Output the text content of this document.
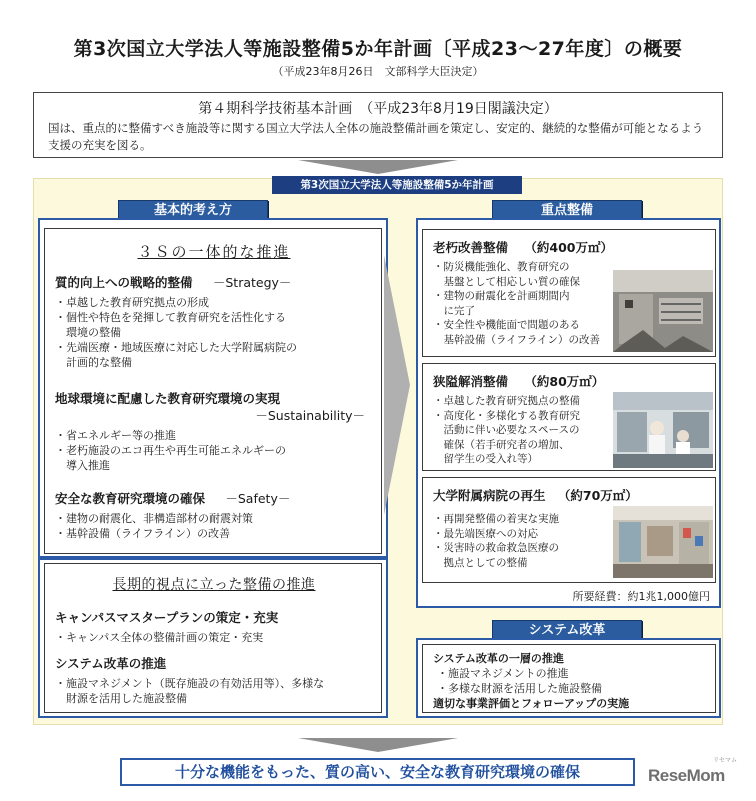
第3次国立大学法人等施設整備5か年計画〔平成23〜27年度〕の概要
（平成23年8月26日　文部科学大臣決定）
第４期科学技術基本計画　（平成23年8月19日閣議決定）
国は、重点的に整備すべき施設等に関する国立大学法人全体の施設整備計画を策定し、安定的、継続的な整備が可能となるよう支援の充実を図る。
第3次国立大学法人等施設整備5か年計画
基本的考え方
３Ｓの一体的な推進
質的向上への戦略的整備 －Strategy－
・卓越した教育研究拠点の形成
・個性や特色を発揮して教育研究を活性化する
　環境の整備
・先端医療・地域医療に対応した大学附属病院の
　計画的な整備
地球環境に配慮した教育研究環境の実現
－Sustainability－
・省エネルギー等の推進
・老朽施設のエコ再生や再生可能エネルギーの
　導入推進
安全な教育研究環境の確保 －Safety－
・建物の耐震化、非構造部材の耐震対策
・基幹設備（ライフライン）の改善
長期的視点に立った整備の推進
キャンパスマスタープランの策定・充実
・キャンパス全体の整備計画の策定・充実
システム改革の推進
・施設マネジメント（既存施設の有効活用等）、多様な
　財源を活用した施設整備
重点整備
老朽改善整備 （約400万㎡）
・防災機能強化、教育研究の
　基盤として相応しい質の確保
・建物の耐震化を計画期間内
　に完了
・安全性や機能面で問題のある
　基幹設備（ライフライン）の改善
狭隘解消整備 （約80万㎡）
・卓越した教育研究拠点の整備
・高度化・多様化する教育研究
　活動に伴い必要なスペースの
　確保（若手研究者の増加、
　留学生の受入れ等）
大学附属病院の再生 （約70万㎡）
・再開発整備の着実な実施
・最先端医療への対応
・災害時の救命救急医療の
　拠点としての整備
所要経費：約1兆1,000億円
システム改革
システム改革の一層の推進
・施設マネジメントの推進
・多様な財源を活用した施設整備
適切な事業評価とフォローアップの実施
十分な機能をもった、質の高い、安全な教育研究環境の確保	ReseMom
リセマム
